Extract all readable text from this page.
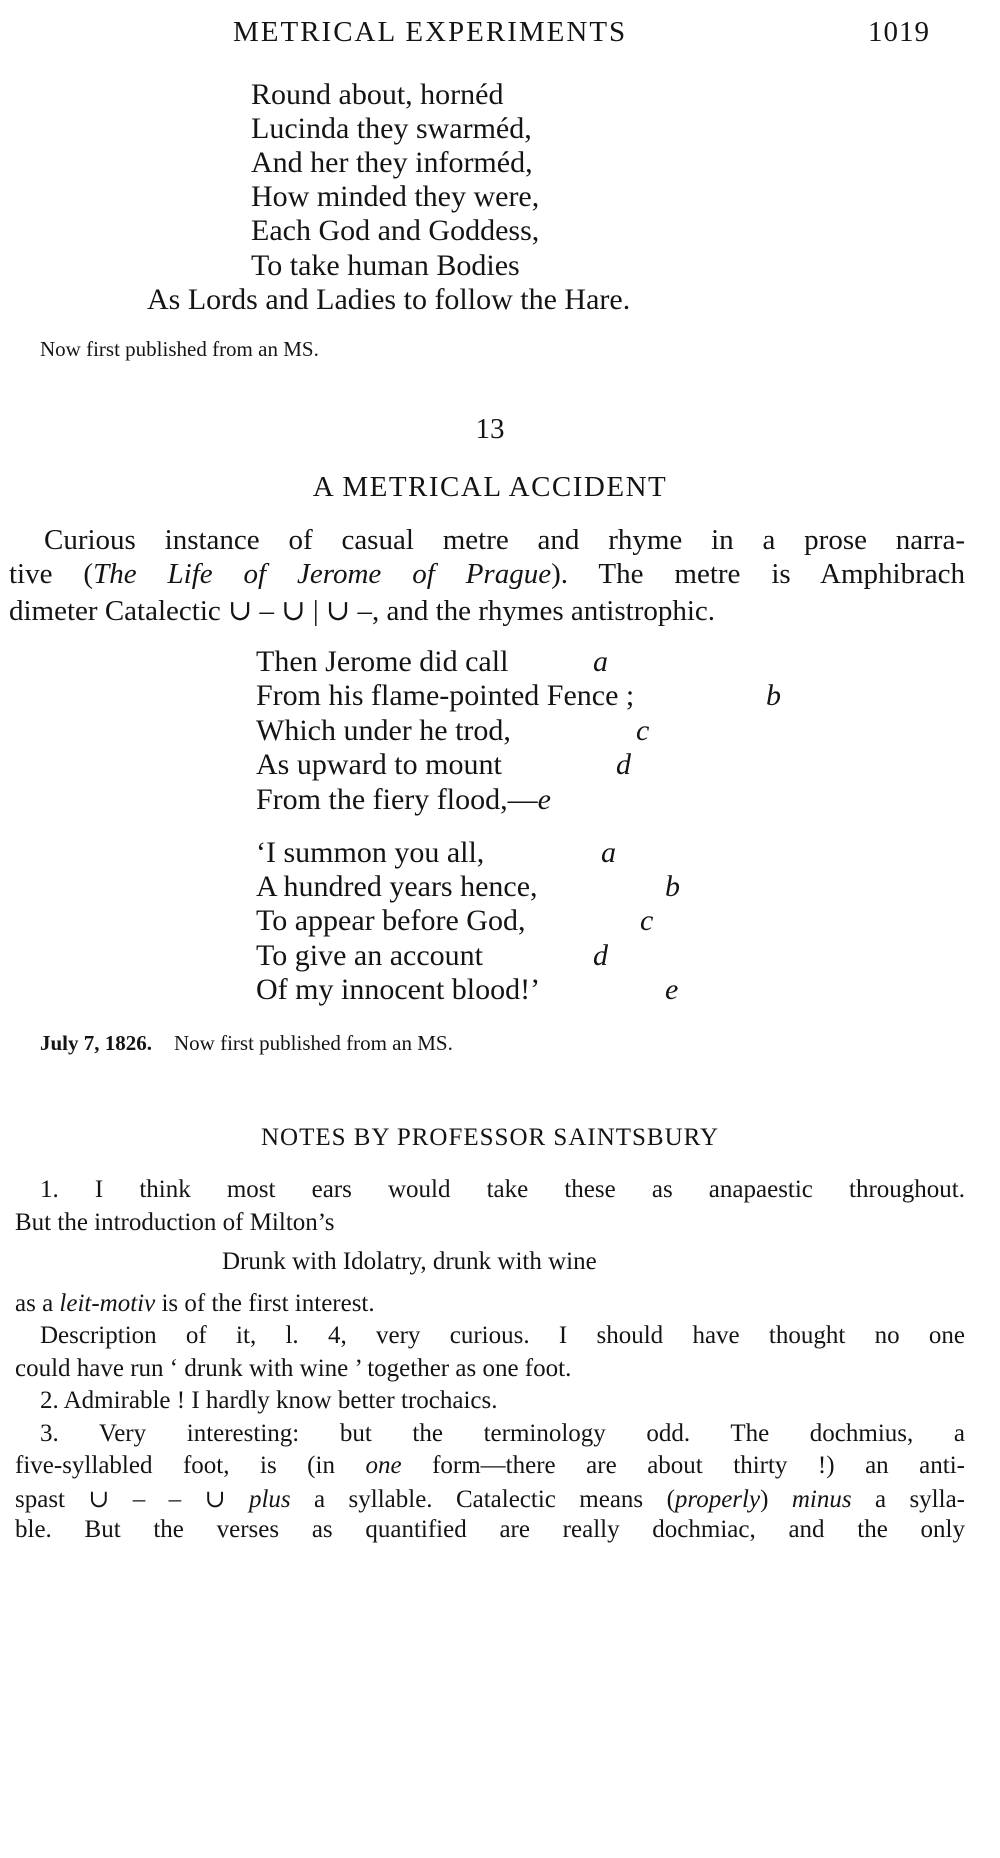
METRICAL EXPERIMENTS	1019
Round about, hornéd
Lucinda they swarméd,
And her they informéd,
How minded they were,
Each God and Goddess,
To take human Bodies
As Lords and Ladies to follow the Hare.
Now first published from an MS.
13
A METRICAL ACCIDENT
Curious instance of casual metre and rhyme in a prose narra-
tive (The Life of Jerome of Prague). The metre is Amphibrach
dimeter Catalectic ∪ – ∪ | ∪ –, and the rhymes antistrophic.
Then Jerome did call	a
From his flame-pointed Fence ;	b
Which under he trod,	c
As upward to mount	d
From the fiery flood,—e
‘I summon you all,	a
A hundred years hence,	b
To appear before God,	c
To give an account	d
Of my innocent blood!’	e
July 7, 1826. Now first published from an MS.
NOTES BY PROFESSOR SAINTSBURY
1. I think most ears would take these as anapaestic throughout.
But the introduction of Milton’s
Drunk with Idolatry, drunk with wine
as a leit-motiv is of the first interest.
Description of it, l. 4, very curious. I should have thought no one
could have run ‘ drunk with wine ’ together as one foot.
2. Admirable ! I hardly know better trochaics.
3. Very interesting: but the terminology odd. The dochmius, a
five-syllabled foot, is (in one form—there are about thirty !) an anti-
spast ∪ – – ∪ plus a syllable. Catalectic means (properly) minus a sylla-
ble. But the verses as quantified are really dochmiac, and the only
